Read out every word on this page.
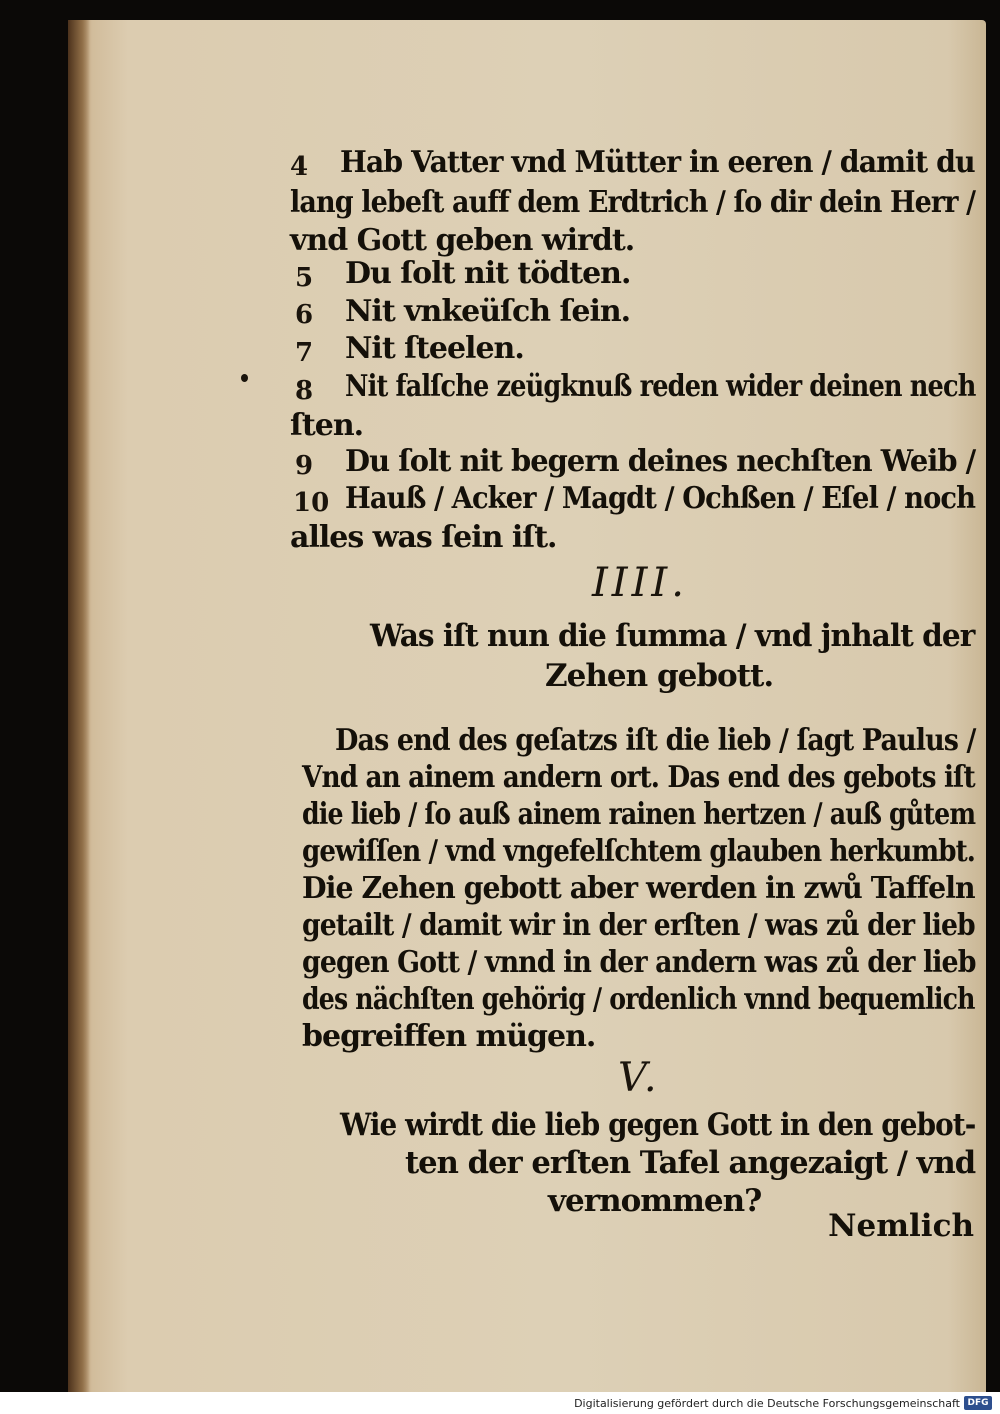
4 Hab Vatter vnd Mütter in eeren / damit du
lang lebeſt auff dem Erdtrich / ſo dir dein Herr /
vnd Gott geben wirdt.
5 Du ſolt nit tödten.
6 Nit vnkeüſch ſein.
7 Nit ſteelen.
8 Nit falſche zeügknuß reden wider deinen nech
ſten.
9 Du ſolt nit begern deines nechſten Weib /
10 Hauß / Acker / Magdt / Ochßen / Eſel / noch
alles was ſein iſt.
IIII.
Was iſt nun die ſumma / vnd jnhalt der
Zehen gebott.
Das end des geſatzs iſt die lieb / ſagt Paulus /
Vnd an ainem andern ort. Das end des gebots iſt
die lieb / ſo auß ainem rainen hertzen / auß gůtem
gewiſſen / vnd vngefelſchtem glauben herkumbt.
Die Zehen gebott aber werden in zwů Taffeln
getailt / damit wir in der erſten / was zů der lieb
gegen Gott / vnnd in der andern was zů der lieb
des nächſten gehörig / ordenlich vnnd bequemlich
begreiffen mügen.
V.
Wie wirdt die lieb gegen Gott in den gebot-
ten der erſten Tafel angezaigt / vnd
vernommen?
Nemlich
Digitalisierung gefördert durch die Deutsche Forschungsgemeinschaft DFG
